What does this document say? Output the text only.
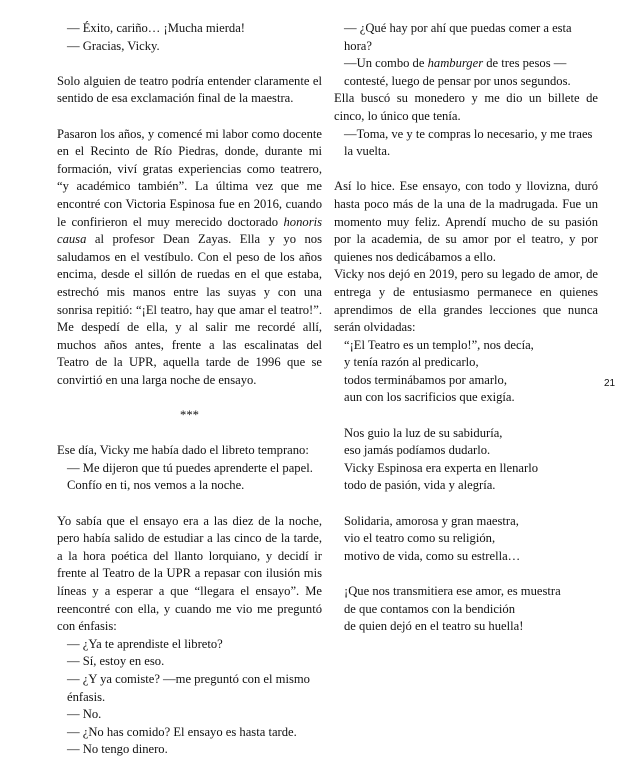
— Éxito, cariño… ¡Mucha mierda!

— Gracias, Vicky.

Solo alguien de teatro podría entender claramente el sentido de esa exclamación final de la maestra.

Pasaron los años, y comencé mi labor como docente en el Recinto de Río Piedras, donde, durante mi formación, viví gratas experiencias como teatrero, “y académico también”. La última vez que me encontré con Victoria Espinosa fue en 2016, cuando le confirieron el muy merecido doctorado honoris causa al profesor Dean Zayas. Ella y yo nos saludamos en el vestíbulo. Con el peso de los años encima, desde el sillón de ruedas en el que estaba, estrechó mis manos entre las suyas y con una sonrisa repitió: “¡El teatro, hay que amar el teatro!”. Me despedí de ella, y al salir me recordé allí, muchos años antes, frente a las escalinatas del Teatro de la UPR, aquella tarde de 1996 que se convirtió en una larga noche de ensayo.

***

Ese día, Vicky me había dado el libreto temprano:

— Me dijeron que tú puedes aprenderte el papel. Confío en ti, nos vemos a la noche.

Yo sabía que el ensayo era a las diez de la noche, pero había salido de estudiar a las cinco de la tarde, a la hora poética del llanto lorquiano, y decidí ir frente al Teatro de la UPR a repasar con ilusión mis líneas y a esperar a que “llegara el ensayo”. Me reencontré con ella, y cuando me vio me preguntó con énfasis:

— ¿Ya te aprendiste el libreto?

— Sí, estoy en eso.

— ¿Y ya comiste? —me preguntó con el mismo énfasis.

— No.

— ¿No has comido? El ensayo es hasta tarde.

— No tengo dinero.

— ¿Qué hay por ahí que puedas comer a esta hora?

—Un combo de hamburger de tres pesos — contesté, luego de pensar por unos segundos.

Ella buscó su monedero y me dio un billete de cinco, lo único que tenía.

—Toma, ve y te compras lo necesario, y me traes la vuelta.

Así lo hice. Ese ensayo, con todo y llovizna, duró hasta poco más de la una de la madrugada. Fue un momento muy feliz. Aprendí mucho de su pasión por la academia, de su amor por el teatro, y por quienes nos dedicábamos a ello.

Vicky nos dejó en 2019, pero su legado de amor, de entrega y de entusiasmo permanece en quienes aprendimos de ella grandes lecciones que nunca serán olvidadas:

“¡El Teatro es un templo!”, nos decía,

y tenía razón al predicarlo,

todos terminábamos por amarlo,

aun con los sacrificios que exigía.

Nos guio la luz de su sabiduría,

eso jamás podíamos dudarlo.

Vicky Espinosa era experta en llenarlo

todo de pasión, vida y alegría.

Solidaria, amorosa y gran maestra,

vio el teatro como su religión,

motivo de vida, como su estrella…

¡Que nos transmitiera ese amor, es muestra

de que contamos con la bendición

de quien dejó en el teatro su huella!

21
